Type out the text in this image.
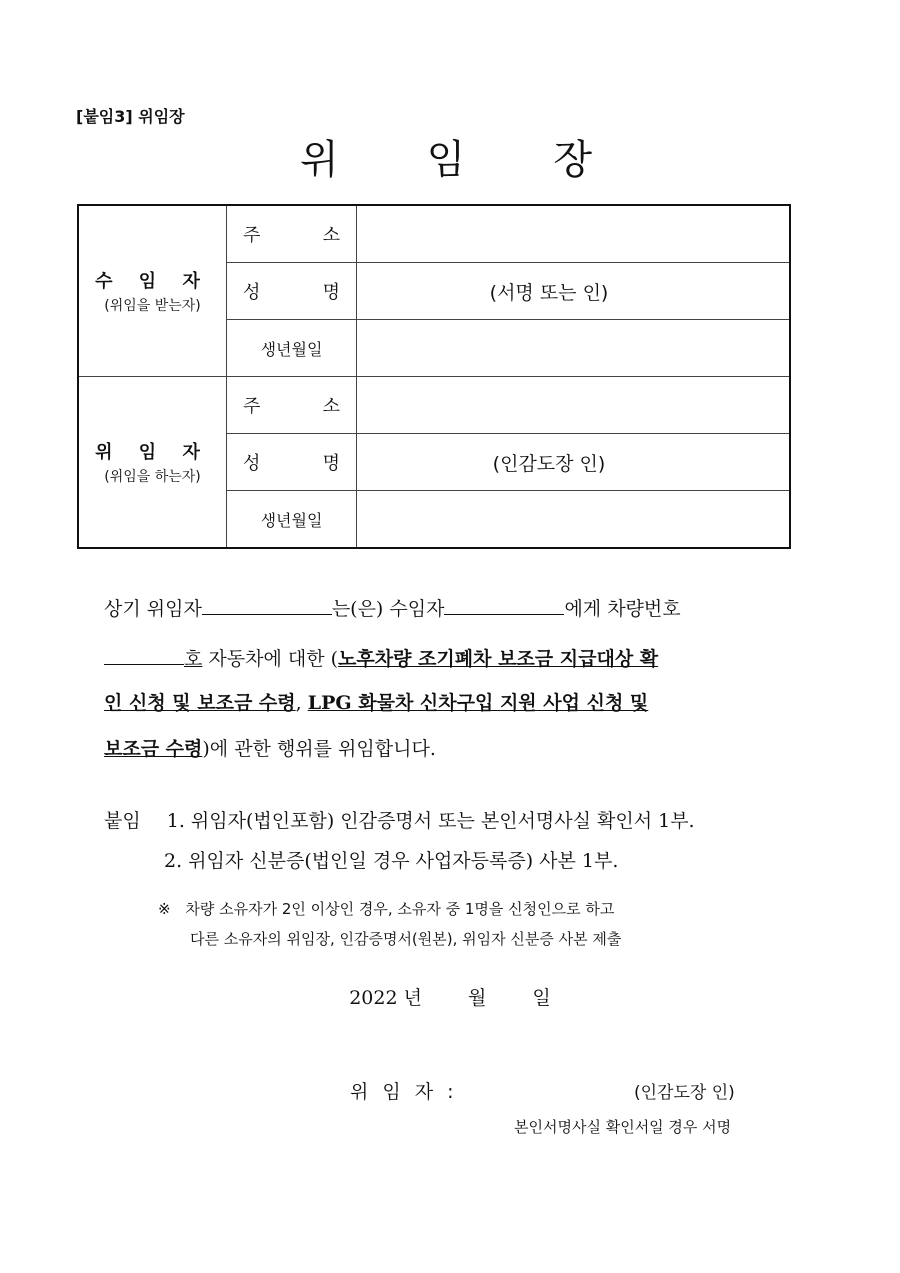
[붙임3] 위임장
위 임 장
수 임 자
(위임을 받는자)	주 소	

	성 명	(서명 또는 인)

	생년월일	

위 임 자
(위임을 하는자)	주 소	

	성 명	(인감도장 인)

	생년월일	

상기 위임자	는(은) 수임자	에게 차량번호
호 자동차에 대한 (노후차량 조기폐차 보조금 지급대상 확
인 신청 및 보조금 수령, LPG 화물차 신차구입 지원 사업 신청 및
보조금 수령)에 관한 행위를 위임합니다.
붙임 1. 위임자(법인포함) 인감증명서 또는 본인서명사실 확인서 1부.
2. 위임자 신분증(법인일 경우 사업자등록증) 사본 1부.
※ 차량 소유자가 2인 이상인 경우, 소유자 중 1명을 신청인으로 하고
다른 소유자의 위임장, 인감증명서(원본), 위임자 신분증 사본 제출
2022 년 월 일
위 임 자 :	(인감도장 인)
본인서명사실 확인서일 경우 서명
